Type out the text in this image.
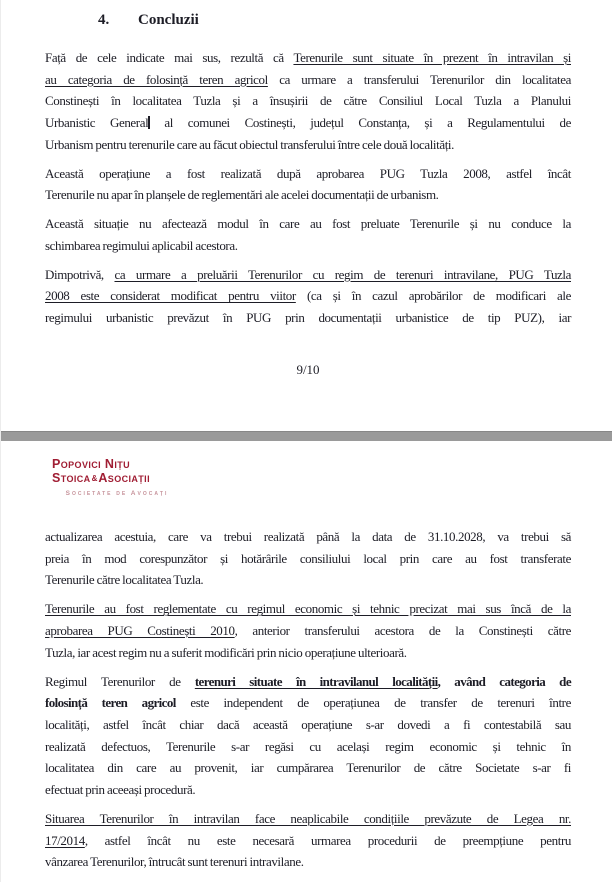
4. Concluzii
Față de cele indicate mai sus, rezultă că Terenurile sunt situate în prezent în intravilan și
au categoria de folosință teren agricol ca urmare a transferului Terenurilor din localitatea
Constinești în localitatea Tuzla și a însușirii de către Consiliul Local Tuzla a Planului
Urbanistic General al comunei Costinești, județul Constanța, și a Regulamentului de
Urbanism pentru terenurile care au făcut obiectul transferului între cele două localități.
Această operațiune a fost realizată după aprobarea PUG Tuzla 2008, astfel încât
Terenurile nu apar în planșele de reglementări ale acelei documentații de urbanism.
Această situație nu afectează modul în care au fost preluate Terenurile și nu conduce la
schimbarea regimului aplicabil acestora.
Dimpotrivă, ca urmare a preluării Terenurilor cu regim de terenuri intravilane, PUG Tuzla
2008 este considerat modificat pentru viitor (ca și în cazul aprobărilor de modificari ale
regimului urbanistic prevăzut în PUG prin documentații urbanistice de tip PUZ), iar
9/10
Popovici Nițu
Stoica&Asociații
Societate de Avocați
actualizarea acestuia, care va trebui realizată până la data de 31.10.2028, va trebui să
preia în mod corespunzător și hotărârile consiliului local prin care au fost transferate
Terenurile către localitatea Tuzla.
Terenurile au fost reglementate cu regimul economic și tehnic precizat mai sus încă de la
aprobarea PUG Costinești 2010, anterior transferului acestora de la Constinești către
Tuzla, iar acest regim nu a suferit modificări prin nicio operațiune ulterioară.
Regimul Terenurilor de terenuri situate în intravilanul localității, având categoria de
folosință teren agricol este independent de operațiunea de transfer de terenuri între
localități, astfel încât chiar dacă această operațiune s-ar dovedi a fi contestabilă sau
realizată defectuos, Terenurile s-ar regăsi cu același regim economic și tehnic în
localitatea din care au provenit, iar cumpărarea Terenurilor de către Societate s-ar fi
efectuat prin aceeași procedură.
Situarea Terenurilor în intravilan face neaplicabile condițiile prevăzute de Legea nr.
17/2014, astfel încât nu este necesară urmarea procedurii de preempțiune pentru
vânzarea Terenurilor, întrucât sunt terenuri intravilane.
